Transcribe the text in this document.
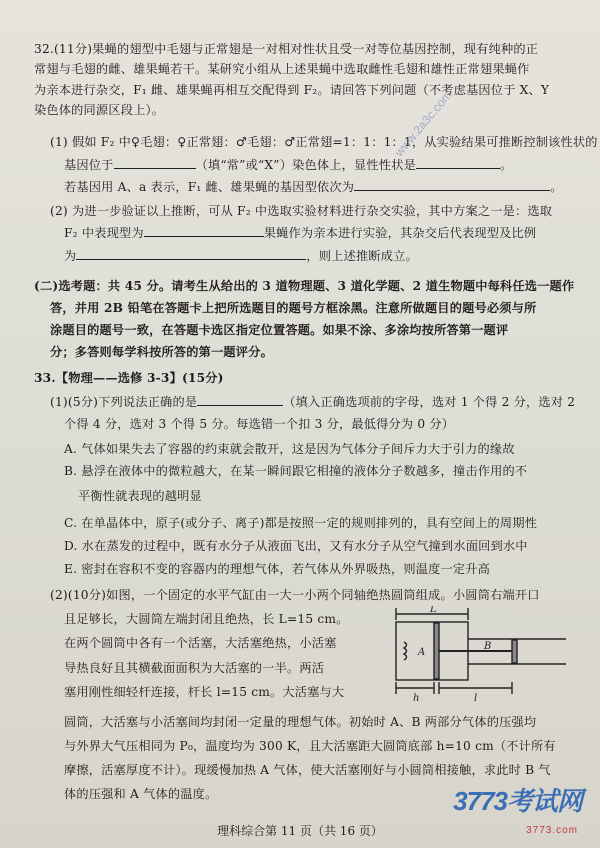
32.(11分)果蝇的翅型中毛翅与正常翅是一对相对性状且受一对等位基因控制，现有纯种的正
常翅与毛翅的雌、雄果蝇若干。某研究小组从上述果蝇中选取雌性毛翅和雄性正常翅果蝇作
为亲本进行杂交，F₁ 雌、雄果蝇再相互交配得到 F₂。请回答下列问题（不考虑基因位于 X、Y
染色体的同源区段上）。
(1) 假如 F₂ 中♀毛翅：♀正常翅：♂毛翅：♂正常翅=1：1：1：1，从实验结果可推断控制该性状的
基因位于	（填“常”或“X”）染色体上，显性性状是	。
若基因用 A、a 表示，F₁ 雌、雄果蝇的基因型依次为	。
(2) 为进一步验证以上推断，可从 F₂ 中选取实验材料进行杂交实验，其中方案之一是：选取
F₂ 中表现型为	果蝇作为亲本进行实验，其杂交后代表现型及比例
为	，则上述推断成立。
(二)选考题：共 45 分。请考生从给出的 3 道物理题、3 道化学题、2 道生物题中每科任选一题作
答，并用 2B 铅笔在答题卡上把所选题目的题号方框涂黑。注意所做题目的题号必须与所
涂题目的题号一致，在答题卡选区指定位置答题。如果不涂、多涂均按所答第一题评
分；多答则每学科按所答的第一题评分。
33.【物理——选修 3-3】(15分)
(1)(5分)下列说法正确的是	（填入正确选项前的字母，选对 1 个得 2 分，选对 2
个得 4 分，选对 3 个得 5 分。每选错一个扣 3 分，最低得分为 0 分）
A. 气体如果失去了容器的约束就会散开，这是因为气体分子间斥力大于引力的缘故
B. 悬浮在液体中的微粒越大，在某一瞬间跟它相撞的液体分子数越多，撞击作用的不
平衡性就表现的越明显
C. 在单晶体中，原子(或分子、离子)都是按照一定的规则排列的，具有空间上的周期性
D. 水在蒸发的过程中，既有水分子从液面飞出，又有水分子从空气撞到水面回到水中
E. 密封在容积不变的容器内的理想气体，若气体从外界吸热，则温度一定升高
(2)(10分)如图，一个固定的水平气缸由一大一小两个同轴绝热圆筒组成。小圆筒右端开口
且足够长，大圆筒左端封闭且绝热，长 L=15 cm。
在两个圆筒中各有一个活塞，大活塞绝热，小活塞
导热良好且其横截面面积为大活塞的一半。两活
塞用刚性细轻杆连接，杆长 l=15 cm。大活塞与大
圆筒，大活塞与小活塞间均封闭一定量的理想气体。初始时 A、B 两部分气体的压强均
与外界大气压相同为 P₀，温度均为 300 K，且大活塞距大圆筒底部 h=10 cm（不计所有
摩擦，活塞厚度不计）。现缓慢加热 A 气体，使大活塞刚好与小圆筒相接触，求此时 B 气
体的压强和 A 气体的温度。
L
A
B
h	l
www.2a3c.com
理科综合第 11 页（共 16 页）
3773考试网
3773.com
